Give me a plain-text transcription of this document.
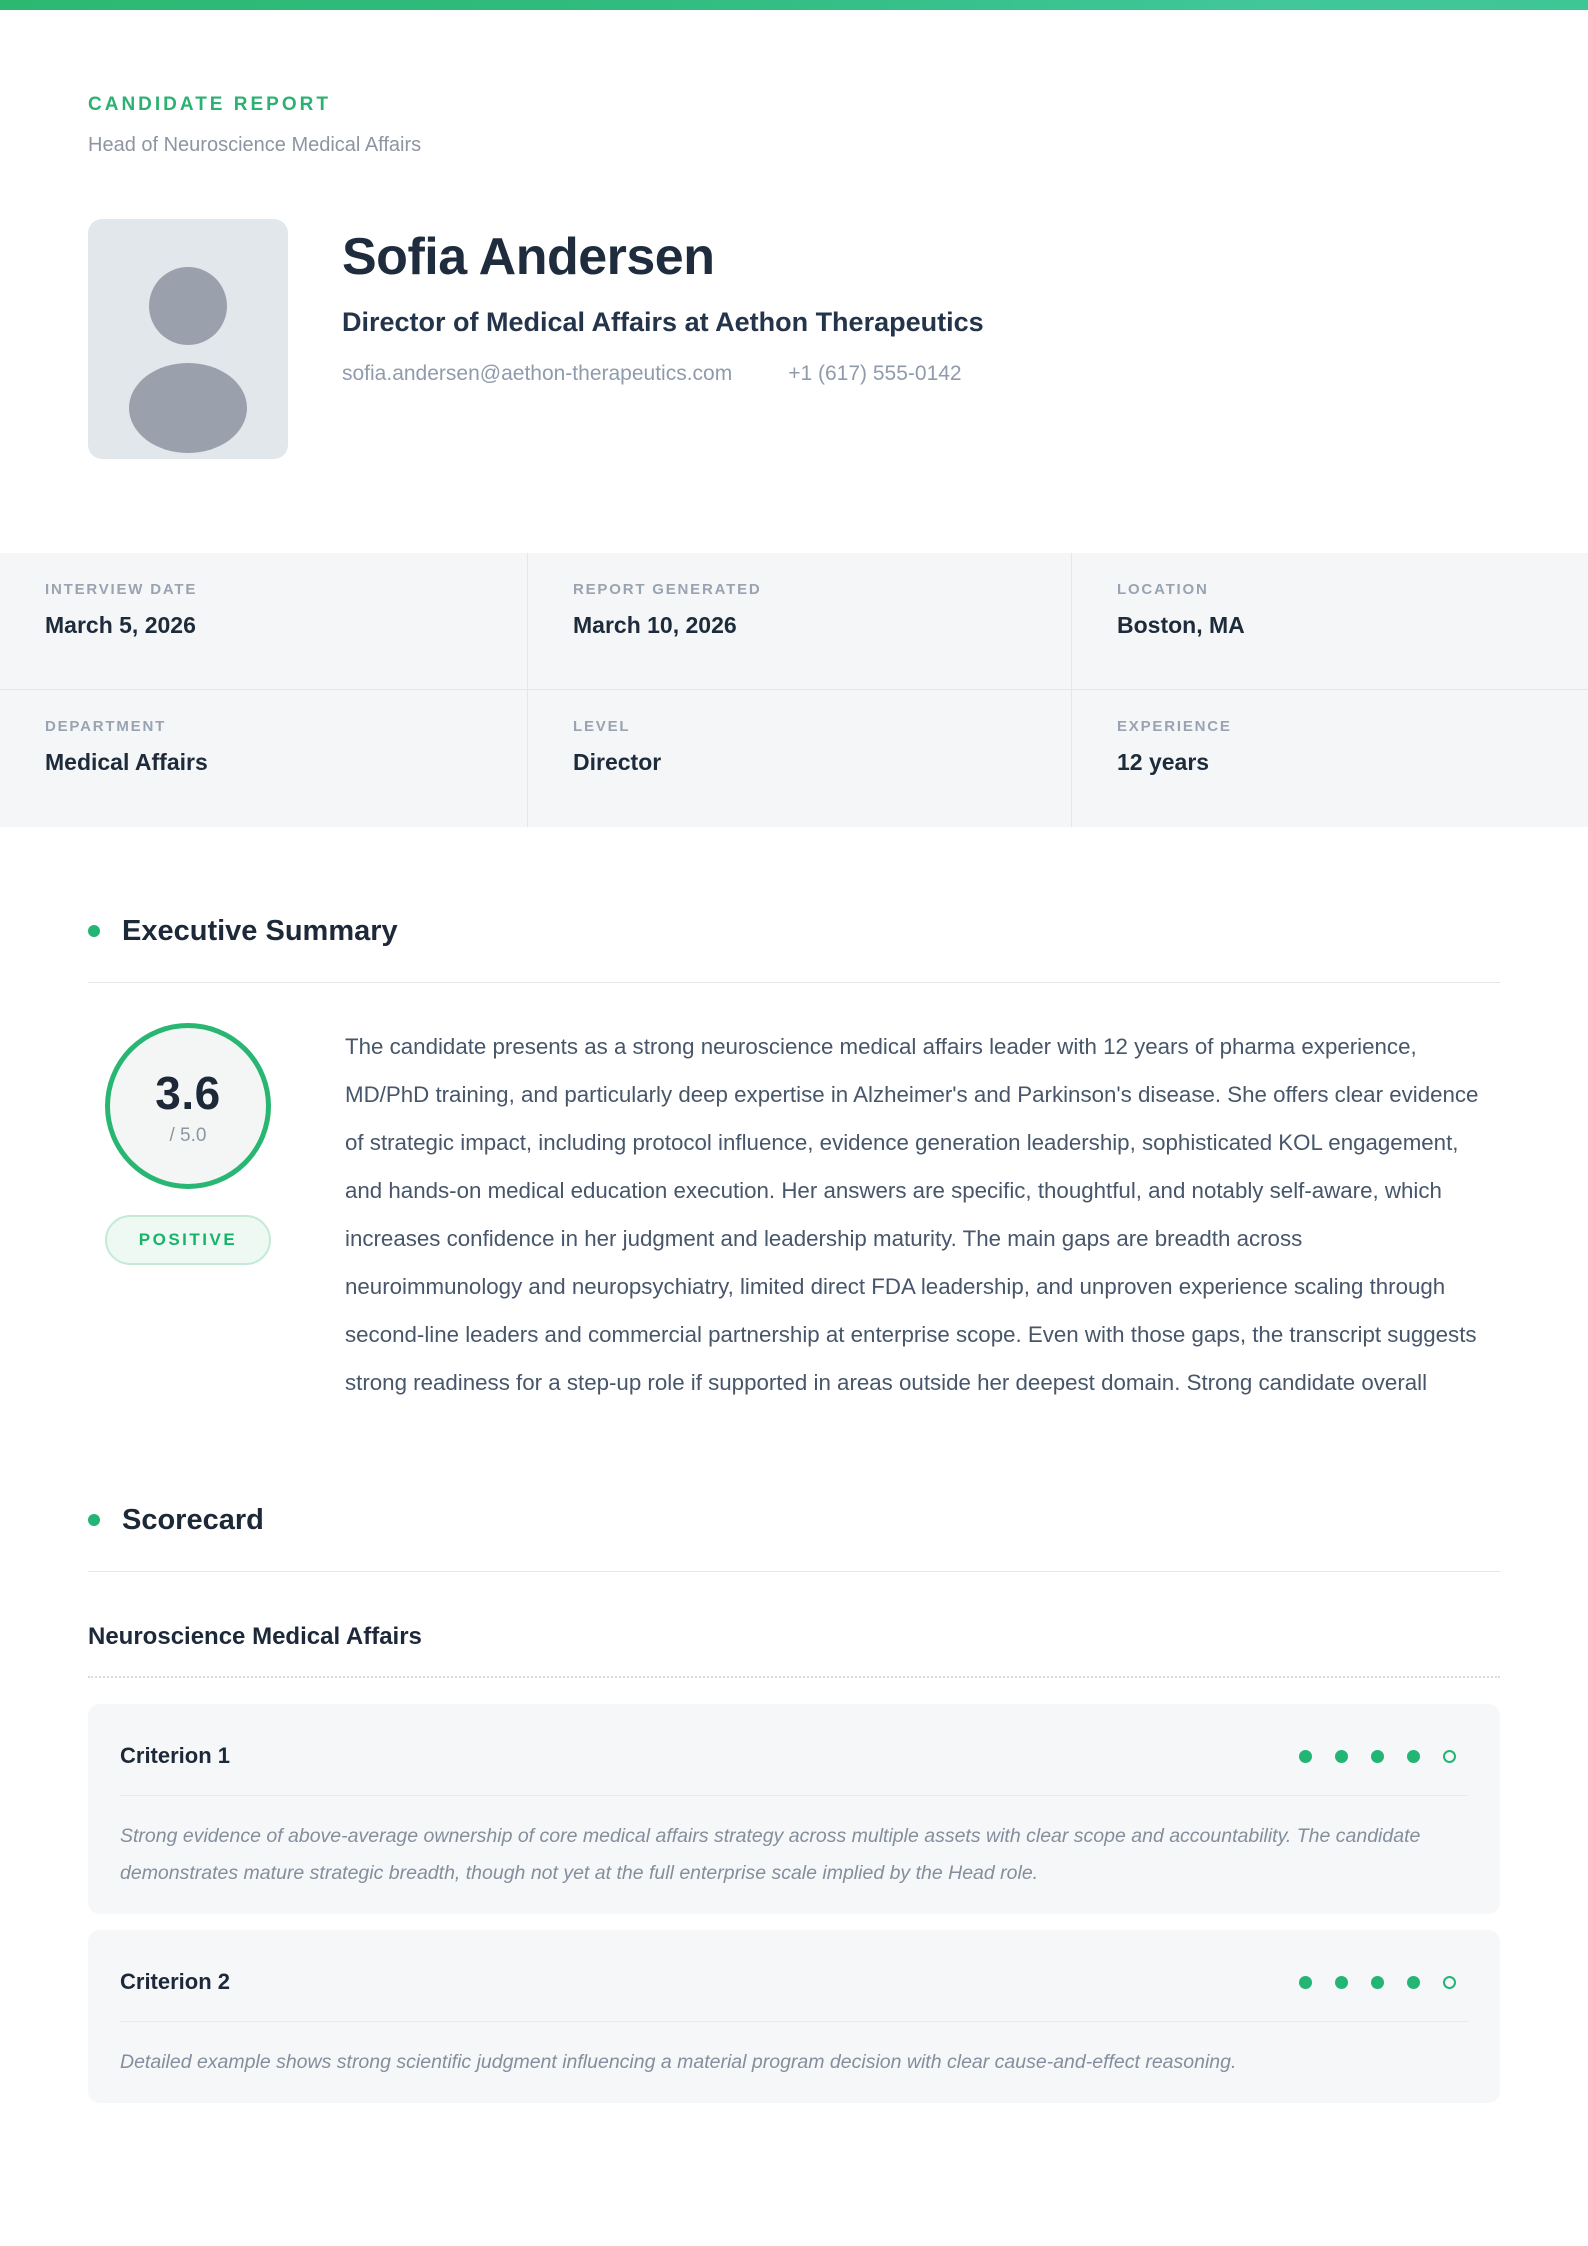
CANDIDATE REPORT
Head of Neuroscience Medical Affairs
Sofia Andersen
Director of Medical Affairs at Aethon Therapeutics
sofia.andersen@aethon-therapeutics.com	+1 (617) 555-0142
INTERVIEW DATE
March 5, 2026
REPORT GENERATED
March 10, 2026
LOCATION
Boston, MA
DEPARTMENT
Medical Affairs
LEVEL
Director
EXPERIENCE
12 years
Executive Summary
3.6
/ 5.0
POSITIVE
The candidate presents as a strong neuroscience medical affairs leader with 12 years of pharma experience, MD/PhD training, and particularly deep expertise in Alzheimer's and Parkinson's disease. She offers clear evidence of strategic impact, including protocol influence, evidence generation leadership, sophisticated KOL engagement, and hands-on medical education execution. Her answers are specific, thoughtful, and notably self-aware, which increases confidence in her judgment and leadership maturity. The main gaps are breadth across neuroimmunology and neuropsychiatry, limited direct FDA leadership, and unproven experience scaling through second-line leaders and commercial partnership at enterprise scope. Even with those gaps, the transcript suggests strong readiness for a step-up role if supported in areas outside her deepest domain. Strong candidate overall
Scorecard
Neuroscience Medical Affairs
Criterion 1
Strong evidence of above-average ownership of core medical affairs strategy across multiple assets with clear scope and accountability. The candidate demonstrates mature strategic breadth, though not yet at the full enterprise scale implied by the Head role.
Criterion 2
Detailed example shows strong scientific judgment influencing a material program decision with clear cause-and-effect reasoning.
